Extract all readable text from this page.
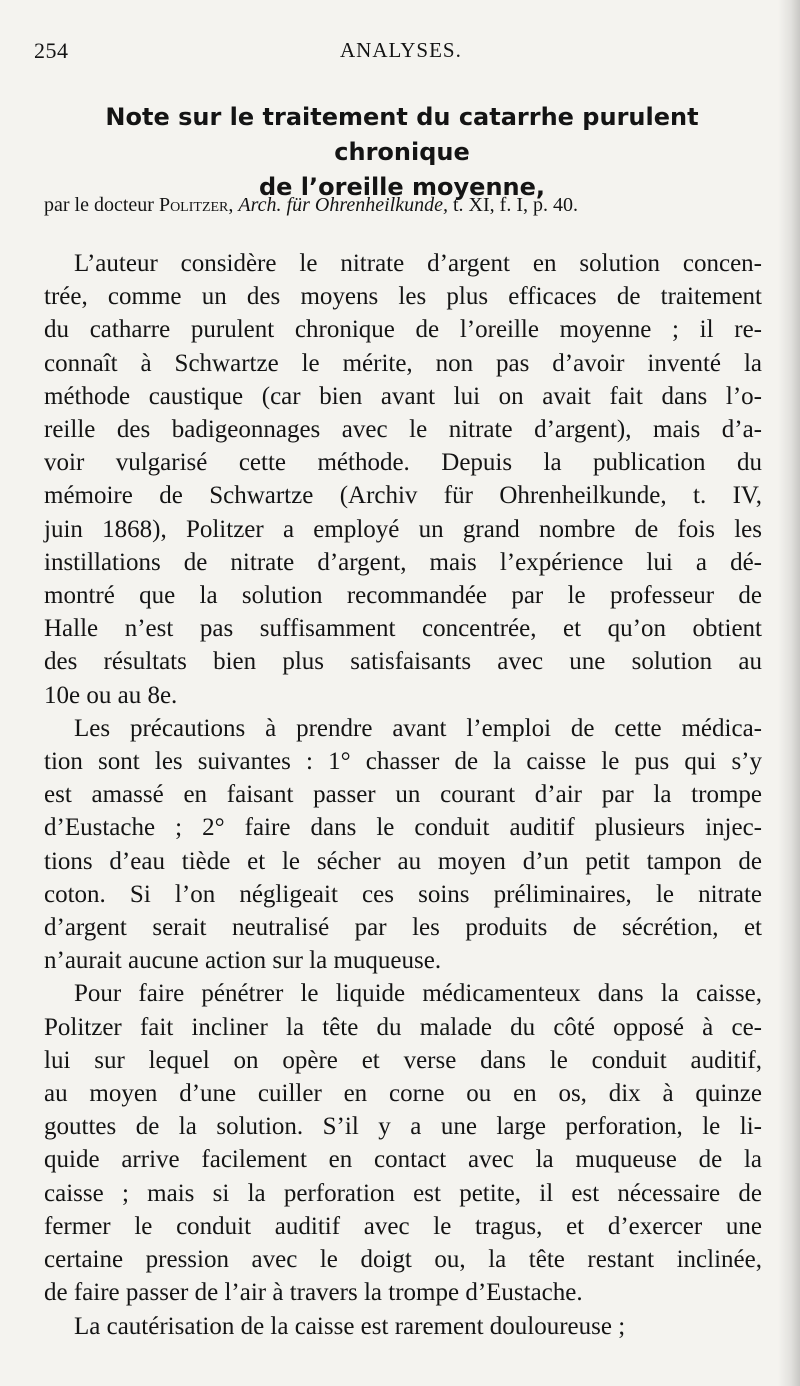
254	ANALYSES.
Note sur le traitement du catarrhe purulent chronique
de l’oreille moyenne,
par le docteur Politzer, Arch. für Ohrenheilkunde, t. XI, f. I, p. 40.
L’auteur considère le nitrate d’argent en solution concen-
trée, comme un des moyens les plus efficaces de traitement
du catharre purulent chronique de l’oreille moyenne ; il re-
connaît à Schwartze le mérite, non pas d’avoir inventé la
méthode caustique (car bien avant lui on avait fait dans l’o-
reille des badigeonnages avec le nitrate d’argent), mais d’a-
voir vulgarisé cette méthode. Depuis la publication du
mémoire de Schwartze (Archiv für Ohrenheilkunde, t. IV,
juin 1868), Politzer a employé un grand nombre de fois les
instillations de nitrate d’argent, mais l’expérience lui a dé-
montré que la solution recommandée par le professeur de
Halle n’est pas suffisamment concentrée, et qu’on obtient
des résultats bien plus satisfaisants avec une solution au
10e ou au 8e.
Les précautions à prendre avant l’emploi de cette médica-
tion sont les suivantes : 1° chasser de la caisse le pus qui s’y
est amassé en faisant passer un courant d’air par la trompe
d’Eustache ; 2° faire dans le conduit auditif plusieurs injec-
tions d’eau tiède et le sécher au moyen d’un petit tampon de
coton. Si l’on négligeait ces soins préliminaires, le nitrate
d’argent serait neutralisé par les produits de sécrétion, et
n’aurait aucune action sur la muqueuse.
Pour faire pénétrer le liquide médicamenteux dans la caisse,
Politzer fait incliner la tête du malade du côté opposé à ce-
lui sur lequel on opère et verse dans le conduit auditif,
au moyen d’une cuiller en corne ou en os, dix à quinze
gouttes de la solution. S’il y a une large perforation, le li-
quide arrive facilement en contact avec la muqueuse de la
caisse ; mais si la perforation est petite, il est nécessaire de
fermer le conduit auditif avec le tragus, et d’exercer une
certaine pression avec le doigt ou, la tête restant inclinée,
de faire passer de l’air à travers la trompe d’Eustache.
La cautérisation de la caisse est rarement douloureuse ;
